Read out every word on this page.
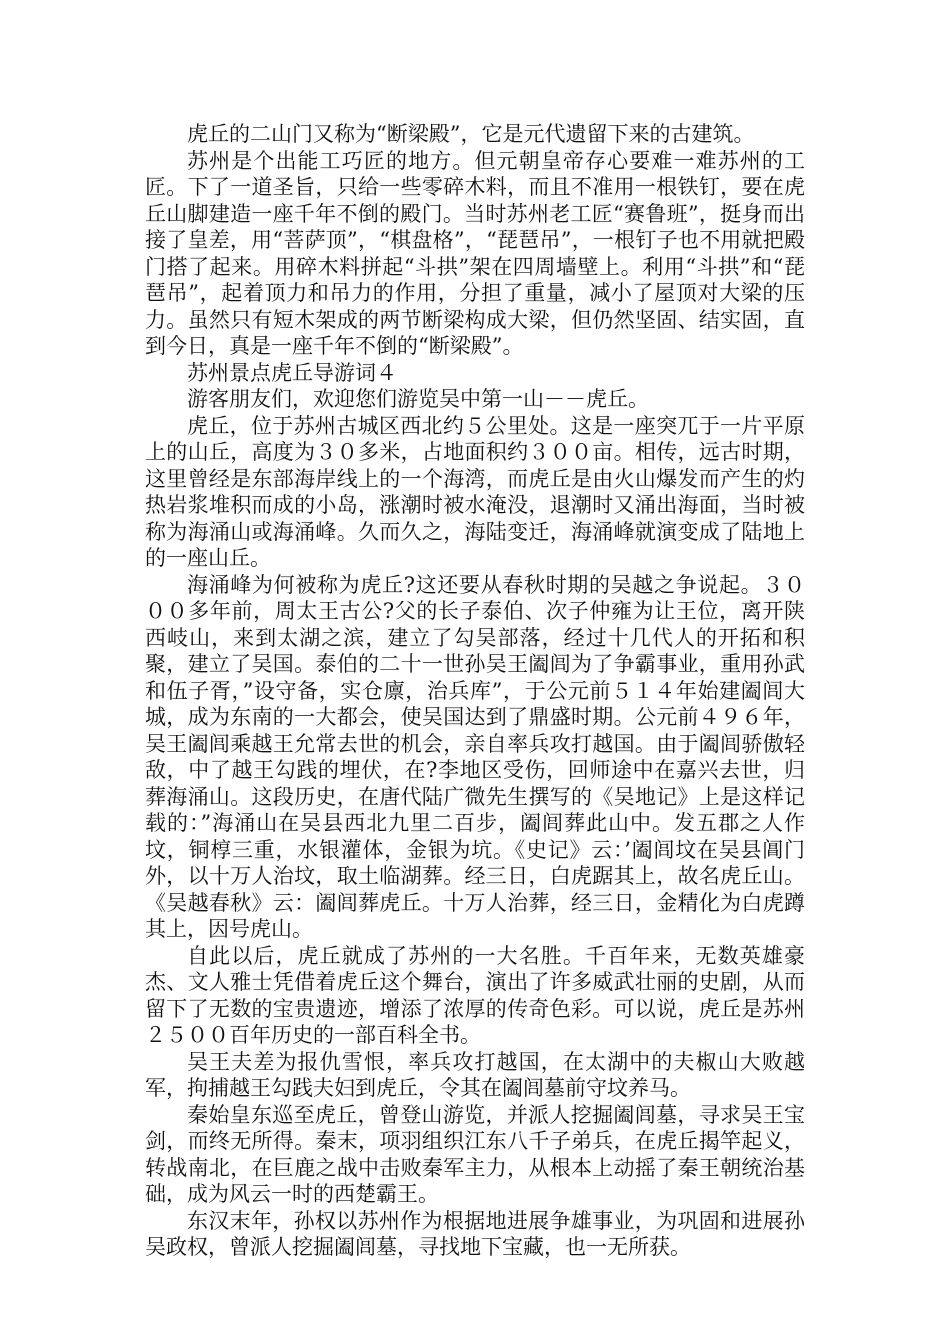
虎丘的二山门又称为“断梁殿”，它是元代遗留下来的古建筑。

苏州是个出能工巧匠的地方。但元朝皇帝存心要难一难苏州的工匠。下了一道圣旨，只给一些零碎木料，而且不准用一根铁钉，要在虎丘山脚建造一座千年不倒的殿门。当时苏州老工匠“赛鲁班”，挺身而出接了皇差，用“菩萨顶”，“棋盘格”，“琵琶吊”，一根钉子也不用就把殿门搭了起来。用碎木料拼起“斗拱”架在四周墙壁上。利用“斗拱”和“琵琶吊”，起着顶力和吊力的作用，分担了重量，减小了屋顶对大梁的压力。虽然只有短木架成的两节断梁构成大梁，但仍然坚固、结实固，直到今日，真是一座千年不倒的“断梁殿”。

苏州景点虎丘导游词４

游客朋友们，欢迎您们游览吴中第一山－－虎丘。

虎丘，位于苏州古城区西北约５公里处。这是一座突兀于一片平原上的山丘，高度为３０多米，占地面积约３００亩。相传，远古时期，这里曾经是东部海岸线上的一个海湾，而虎丘是由火山爆发而产生的灼热岩浆堆积而成的小岛，涨潮时被水淹没，退潮时又涌出海面，当时被称为海涌山或海涌峰。久而久之，海陆变迁，海涌峰就演变成了陆地上的一座山丘。

海涌峰为何被称为虎丘?这还要从春秋时期的吴越之争说起。３０００多年前，周太王古公?父的长子泰伯、次子仲雍为让王位，离开陕西岐山，来到太湖之滨，建立了勾吴部落，经过十几代人的开拓和积聚，建立了吴国。泰伯的二十一世孙吴王阖闾为了争霸事业，重用孙武和伍子胥，”设守备，实仓廪，治兵库”，于公元前５１４年始建阖闾大城，成为东南的一大都会，使吴国达到了鼎盛时期。公元前４９６年，吴王阖闾乘越王允常去世的机会，亲自率兵攻打越国。由于阖闾骄傲轻敌，中了越王勾践的埋伏，在?李地区受伤，回师途中在嘉兴去世，归葬海涌山。这段历史，在唐代陆广微先生撰写的《吴地记》上是这样记载的：”海涌山在吴县西北九里二百步，阖闾葬此山中。发五郡之人作坟，铜椁三重，水银灌体，金银为坑。《史记》云：’阖闾坟在吴县阊门外，以十万人治坟，取土临湖葬。经三日，白虎踞其上，故名虎丘山。《吴越春秋》云：阖闾葬虎丘。十万人治葬，经三日，金精化为白虎蹲其上，因号虎山。

自此以后，虎丘就成了苏州的一大名胜。千百年来，无数英雄豪杰、文人雅士凭借着虎丘这个舞台，演出了许多威武壮丽的史剧，从而留下了无数的宝贵遗迹，增添了浓厚的传奇色彩。可以说，虎丘是苏州２５００百年历史的一部百科全书。

吴王夫差为报仇雪恨，率兵攻打越国，在太湖中的夫椒山大败越军，拘捕越王勾践夫妇到虎丘，令其在阖闾墓前守坟养马。

秦始皇东巡至虎丘，曾登山游览，并派人挖掘阖闾墓，寻求吴王宝剑，而终无所得。秦末，项羽组织江东八千子弟兵，在虎丘揭竿起义，转战南北，在巨鹿之战中击败秦军主力，从根本上动摇了秦王朝统治基础，成为风云一时的西楚霸王。

东汉末年，孙权以苏州作为根据地进展争雄事业，为巩固和进展孙吴政权，曾派人挖掘阖闾墓，寻找地下宝藏，也一无所获。
